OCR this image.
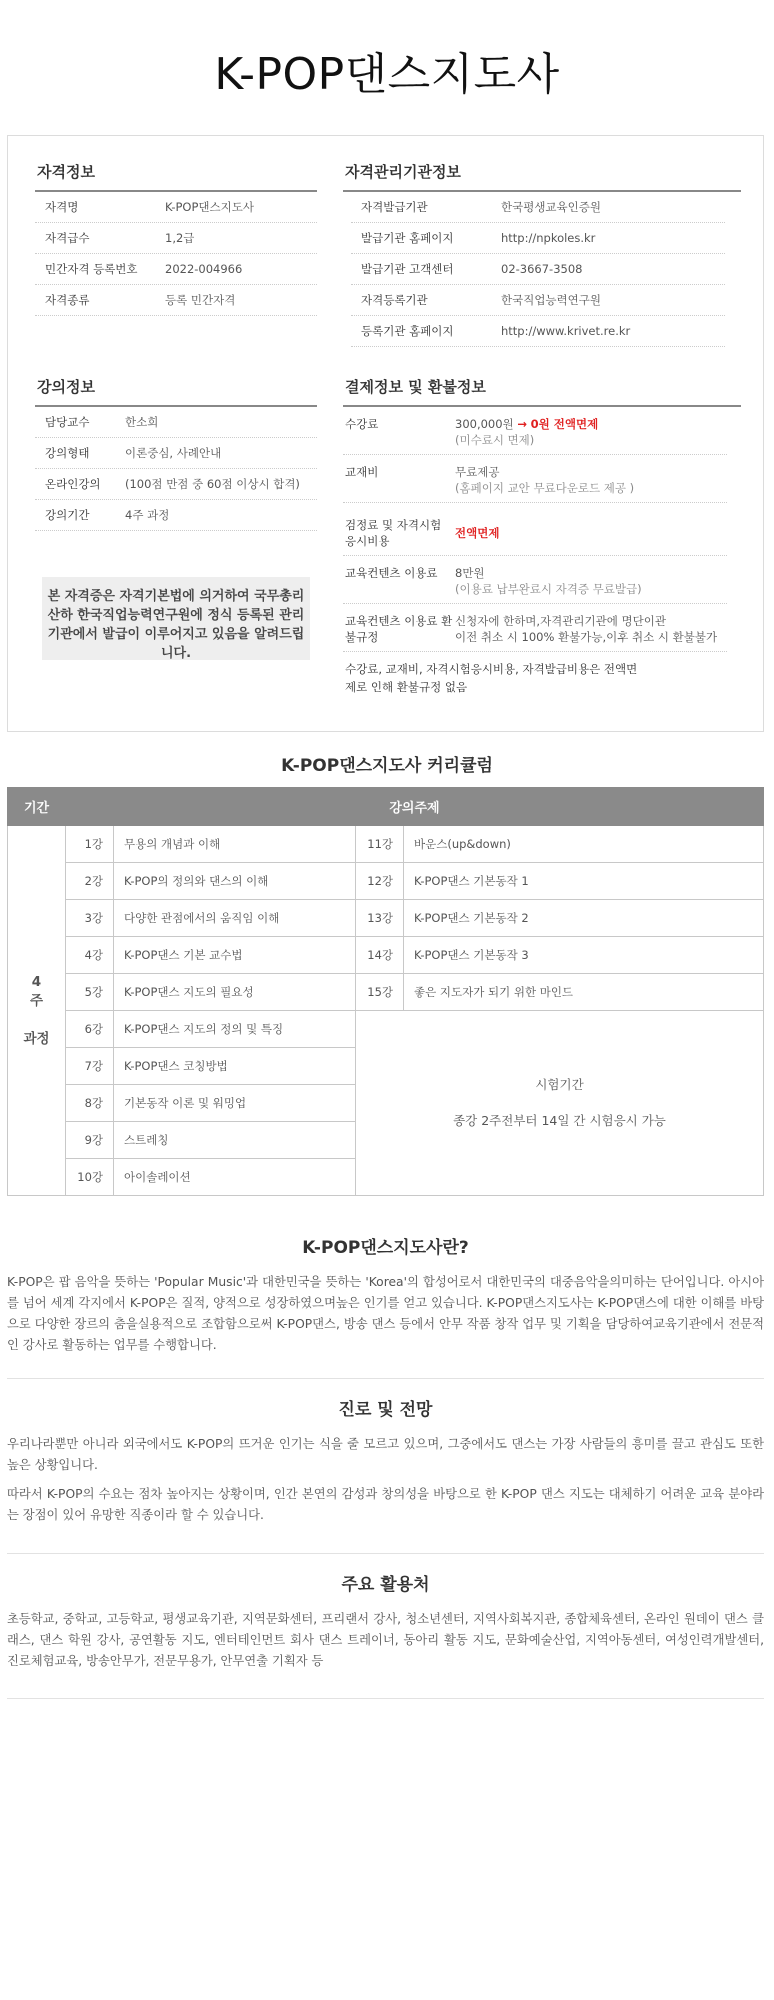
K-POP댄스지도사
자격정보
자격명	K-POP댄스지도사
자격급수	1,2급
민간자격 등록번호	2022-004966
자격종류	등록 민간자격
자격관리기관정보
자격발급기관	한국평생교육인증원
발급기관 홈페이지	http://npkoles.kr
발급기관 고객센터	02-3667-3508
자격등록기관	한국직업능력연구원
등록기관 홈페이지	http://www.krivet.re.kr
강의정보
담당교수	한소희
강의형태	이론중심, 사례안내
온라인강의	(100점 만점 중 60점 이상시 합격)
강의기간	4주 과정
결제정보 및 환불정보
수강료	300,000원 → 0원 전액면제
(미수료시 면제)
교재비	무료제공
(홈페이지 교안 무료다운로드 제공 )
검정료 및 자격시험 응시비용
전액면제
교육컨텐츠 이용료	8만원
(이용료 납부완료시 자격증 무료발급)
교육컨텐츠 이용료 환불규정
신청자에 한하며,자격관리기관에 명단이관
이전 취소 시 100% 환불가능,이후 취소 시 환불불가
수강료, 교재비, 자격시험응시비용, 자격발급비용은 전액면제로 인해 환불규정 없음
본 자격증은 자격기본법에 의거하여 국무총리산하 한국직업능력연구원에 정식 등록된 관리기관에서 발급이 이루어지고 있음을 알려드립니다.
K-POP댄스지도사 커리큘럼
기간	강의주제			
4
주

과정	1강	무용의 개념과 이해	11강	바운스(up&down)
	2강	K-POP의 정의와 댄스의 이해	12강	K-POP댄스 기본동작 1
	3강	다양한 관점에서의 움직임 이해	13강	K-POP댄스 기본동작 2
	4강	K-POP댄스 기본 교수법	14강	K-POP댄스 기본동작 3
	5강	K-POP댄스 지도의 필요성	15강	좋은 지도자가 되기 위한 마인드
	6강	K-POP댄스 지도의 정의 및 특징	시험기간

종강 2주전부터 14일 간 시험응시 가능	
	7강	K-POP댄스 코칭방법		
	8강	기본동작 이론 및 워밍업		
	9강	스트레칭		
	10강	아이솔레이션		
K-POP댄스지도사란?

K-POP은 팝 음악을 뜻하는 'Popular Music'과 대한민국을 뜻하는 'Korea'의 합성어로서 대한민국의 대중음악을의미하는 단어입니다. 아시아를 넘어 세계 각지에서 K-POP은 질적, 양적으로 성장하였으며높은 인기를 얻고 있습니다. K-POP댄스지도사는 K-POP댄스에 대한 이해를 바탕으로 다양한 장르의 춤을실용적으로 조합함으로써 K-POP댄스, 방송 댄스 등에서 안무 작품 창작 업무 및 기획을 담당하여교육기관에서 전문적인 강사로 활동하는 업무를 수행합니다.

진로 및 전망

우리나라뿐만 아니라 외국에서도 K-POP의 뜨거운 인기는 식을 줄 모르고 있으며, 그중에서도 댄스는 가장 사람들의 흥미를 끌고 관심도 또한 높은 상황입니다.

따라서 K-POP의 수요는 점차 높아지는 상황이며, 인간 본연의 감성과 창의성을 바탕으로 한 K-POP 댄스 지도는 대체하기 어려운 교육 분야라는 장점이 있어 유망한 직종이라 할 수 있습니다.

주요 활용처

초등학교, 중학교, 고등학교, 평생교육기관, 지역문화센터, 프리랜서 강사, 청소년센터, 지역사회복지관, 종합체육센터, 온라인 원데이 댄스 클래스, 댄스 학원 강사, 공연활동 지도, 엔터테인먼트 회사 댄스 트레이너, 동아리 활동 지도, 문화예술산업, 지역아동센터, 여성인력개발센터, 진로체험교육, 방송안무가, 전문무용가, 안무연출 기획자 등
